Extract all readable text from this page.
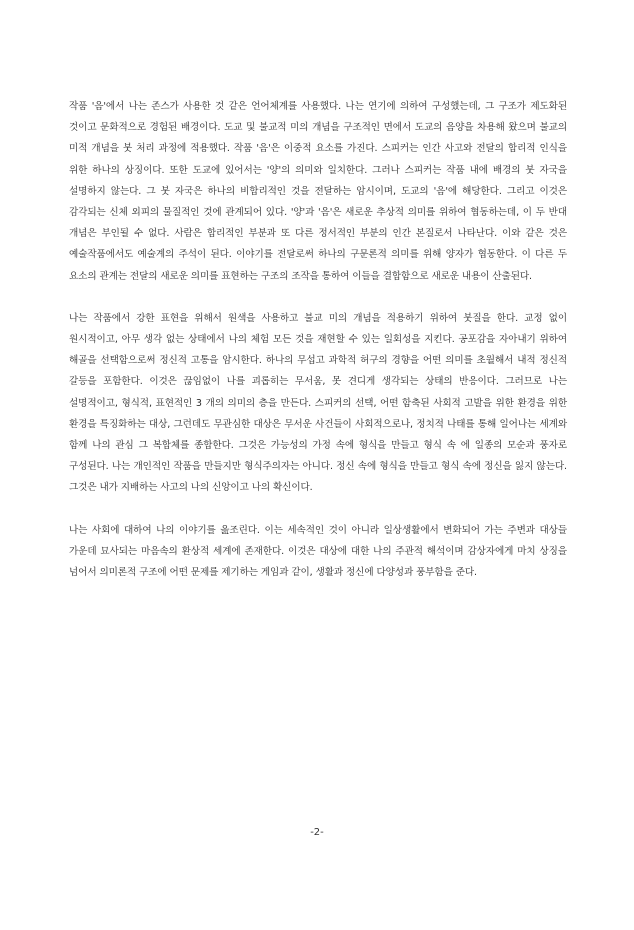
작품 '음'에서 나는 존스가 사용한 것 같은 언어체계를 사용했다. 나는 연기에 의하여 구성했는데, 그 구조가 제도화된 것이고 문화적으로 경험된 배경이다. 도교 및 불교적 미의 개념을 구조적인 면에서 도교의 음양을 차용해 왔으며 불교의 미적 개념을 붓 처리 과정에 적용했다. 작품 '음'은 이중적 요소를 가진다. 스피커는 인간 사고와 전달의 합리적 인식을 위한 하나의 상징이다. 또한 도교에 있어서는 '양'의 의미와 일치한다. 그러나 스피커는 작품 내에 배경의 붓 자국을 설명하지 않는다. 그 붓 자국은 하나의 비합리적인 것을 전달하는 암시이며, 도교의 '음'에 해당한다. 그리고 이것은 감각되는 신체 외피의 물질적인 것에 관계되어 있다. '양'과 '음'은 새로운 추상적 의미를 위하여 협동하는데, 이 두 반대 개념은 부인될 수 없다. 사람은 합리적인 부분과 또 다른 정서적인 부분의 인간 본질로서 나타난다. 이와 같은 것은 예술작품에서도 예술계의 주석이 된다. 이야기를 전달로써 하나의 구문론적 의미를 위해 양자가 협동한다. 이 다른 두 요소의 관계는 전달의 새로운 의미를 표현하는 구조의 조작을 통하여 이들을 결합함으로 새로운 내용이 산출된다.

나는 작품에서 강한 표현을 위해서 원색을 사용하고 불교 미의 개념을 적용하기 위하여 붓질을 한다. 교정 없이 원시적이고, 아무 생각 없는 상태에서 나의 체험 모든 것을 재현할 수 있는 일회성을 지킨다. 공포감을 자아내기 위하여 해골을 선택함으로써 정신적 고통을 암시한다. 하나의 무섭고 과학적 허구의 경향을 어떤 의미를 초월해서 내적 정신적 갈등을 포함한다. 이것은 끊임없이 나를 괴롭히는 무서움, 못 견디게 생각되는 상태의 반응이다. 그러므로 나는 설명적이고, 형식적, 표현적인 3 개의 의미의 층을 만든다. 스피커의 선택, 어떤 함축된 사회적 고발을 위한 환경을 위한 환경을 특징화하는 대상, 그런데도 무관심한 대상은 무서운 사건들이 사회적으로나, 정치적 나태를 통해 일어나는 세계와 함께 나의 관심 그 복합체를 종합한다. 그것은 가능성의 가정 속에 형식을 만들고 형식 속 에 일종의 모순과 풍자로 구성된다. 나는 개인적인 작품을 만들지만 형식주의자는 아니다. 정신 속에 형식을 만들고 형식 속에 정신을 잃지 않는다. 그것은 내가 지배하는 사고의 나의 신앙이고 나의 확신이다.

나는 사회에 대하여 나의 이야기를 읊조린다. 이는 세속적인 것이 아니라 일상생활에서 변화되어 가는 주변과 대상들 가운데 묘사되는 마음속의 환상적 세계에 존재한다. 이것은 대상에 대한 나의 주관적 해석이며 감상자에게 마치 상징을 넘어서 의미론적 구조에 어떤 문제를 제기하는 게임과 같이, 생활과 정신에 다양성과 풍부함을 준다.

-2-
